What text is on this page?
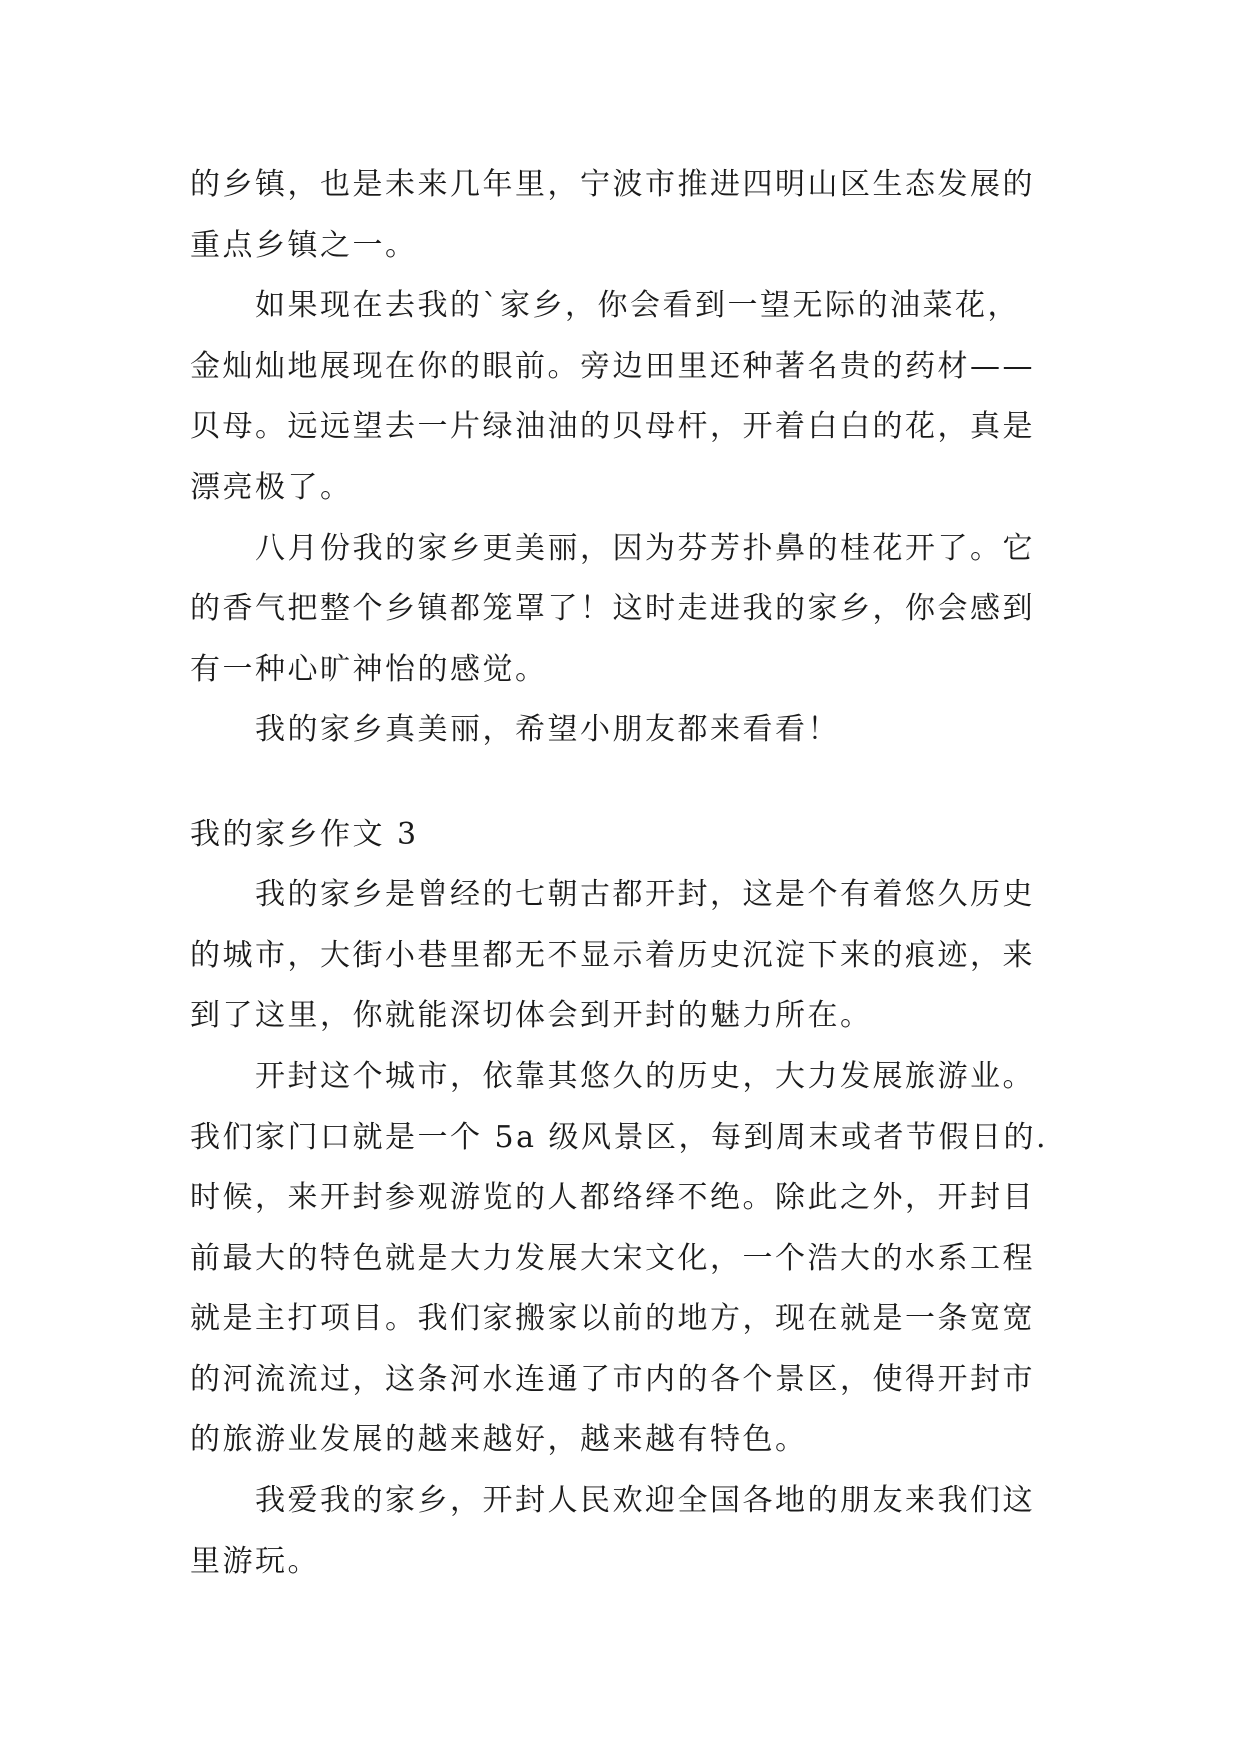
的乡镇，也是未来几年里，宁波市推进四明山区生态发展的
重点乡镇之一。
如果现在去我的`家乡，你会看到一望无际的油菜花，
金灿灿地展现在你的眼前。旁边田里还种著名贵的药材——
贝母。远远望去一片绿油油的贝母杆，开着白白的花，真是
漂亮极了。
八月份我的家乡更美丽，因为芬芳扑鼻的桂花开了。它
的香气把整个乡镇都笼罩了！这时走进我的家乡，你会感到
有一种心旷神怡的感觉。
我的家乡真美丽，希望小朋友都来看看！
我的家乡作文 3
我的家乡是曾经的七朝古都开封，这是个有着悠久历史
的城市，大街小巷里都无不显示着历史沉淀下来的痕迹，来
到了这里，你就能深切体会到开封的魅力所在。
开封这个城市，依靠其悠久的历史，大力发展旅游业。
我们家门口就是一个 5a 级风景区，每到周末或者节假日的.
时候，来开封参观游览的人都络绎不绝。除此之外，开封目
前最大的特色就是大力发展大宋文化，一个浩大的水系工程
就是主打项目。我们家搬家以前的地方，现在就是一条宽宽
的河流流过，这条河水连通了市内的各个景区，使得开封市
的旅游业发展的越来越好，越来越有特色。
我爱我的家乡，开封人民欢迎全国各地的朋友来我们这
里游玩。
